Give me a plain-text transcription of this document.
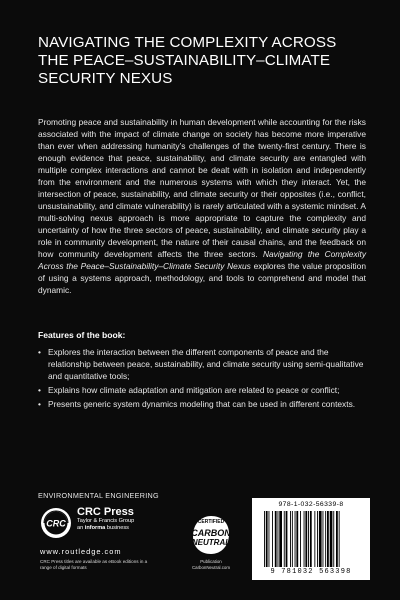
NAVIGATING THE COMPLEXITY ACROSS THE PEACE–SUSTAINABILITY–CLIMATE SECURITY NEXUS
Promoting peace and sustainability in human development while accounting for the risks associated with the impact of climate change on society has become more imperative than ever when addressing humanity’s challenges of the twenty-first century. There is enough evidence that peace, sustainability, and climate security are entangled with multiple complex interactions and cannot be dealt with in isolation and independently from the environment and the numerous systems with which they interact. Yet, the intersection of peace, sustainability, and climate security or their opposites (i.e., conflict, unsustainability, and climate vulnerability) is rarely articulated with a systemic mindset. A multi-solving nexus approach is more appropriate to capture the complexity and uncertainty of how the three sectors of peace, sustainability, and climate security play a role in community development, the nature of their causal chains, and the feedback on how community development affects the three sectors. Navigating the Complexity Across the Peace–Sustainability–Climate Security Nexus explores the value proposition of using a systems approach, methodology, and tools to comprehend and model that dynamic.
Features of the book:
• Explores the interaction between the different components of peace and the relationship between peace, sustainability, and climate security using semi-qualitative and quantitative tools;
• Explains how climate adaptation and mitigation are related to peace or conflict;
• Presents generic system dynamics modeling that can be used in different contexts.
ENVIRONMENTAL ENGINEERING
CRC
CRC Press
Taylor & Francis Group
an informa business
www.routledge.com
CRC Press titles are available as eBook editions in a range of digital formats
CERTIFIED
CARBON
NEUTRAL
Publication
CarbonNeutral.com
978-1-032-56339-8
9 781032 563398
